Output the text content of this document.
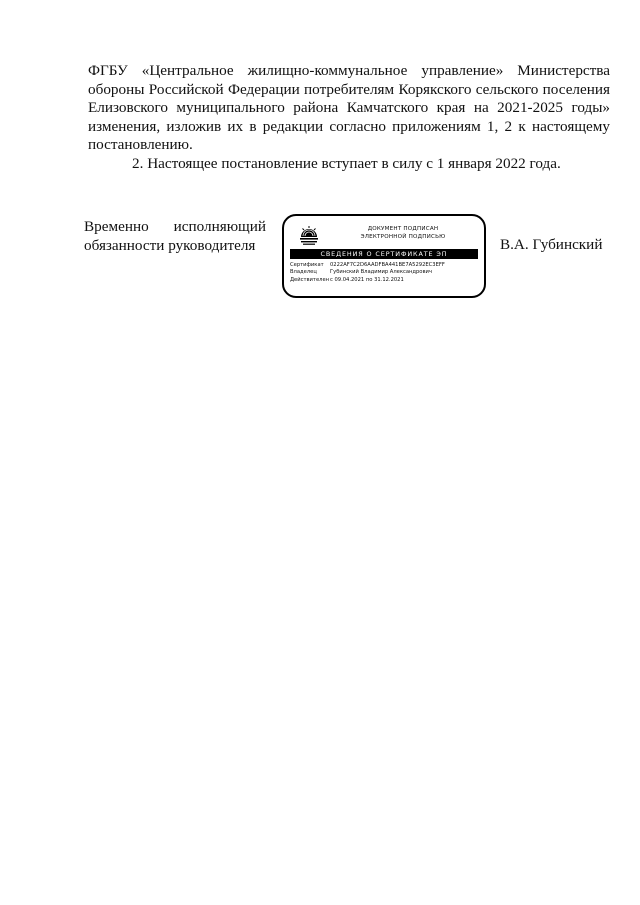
ФГБУ «Центральное жилищно-коммунальное управление» Министерства обороны Российской Федерации потребителям Корякского сельского поселения Елизовского муниципального района Камчатского края на 2021-2025 годы» изменения, изложив их в редакции согласно приложениям 1, 2 к настоящему постановлению.

2. Настоящее постановление вступает в силу с 1 января 2022 года.

Временно исполняющий
обязанности руководителя
ДОКУМЕНТ ПОДПИСАН
ЭЛЕКТРОННОЙ ПОДПИСЬЮ
СВЕДЕНИЯ О СЕРТИФИКАТЕ ЭП
Сертификат	0222AF7C2D6AADFBA441BE7A5292EC3EFF
Владелец	Губинский Владимир Александрович
Действителен с 09.04.2021 по 31.12.2021
В.А. Губинский
